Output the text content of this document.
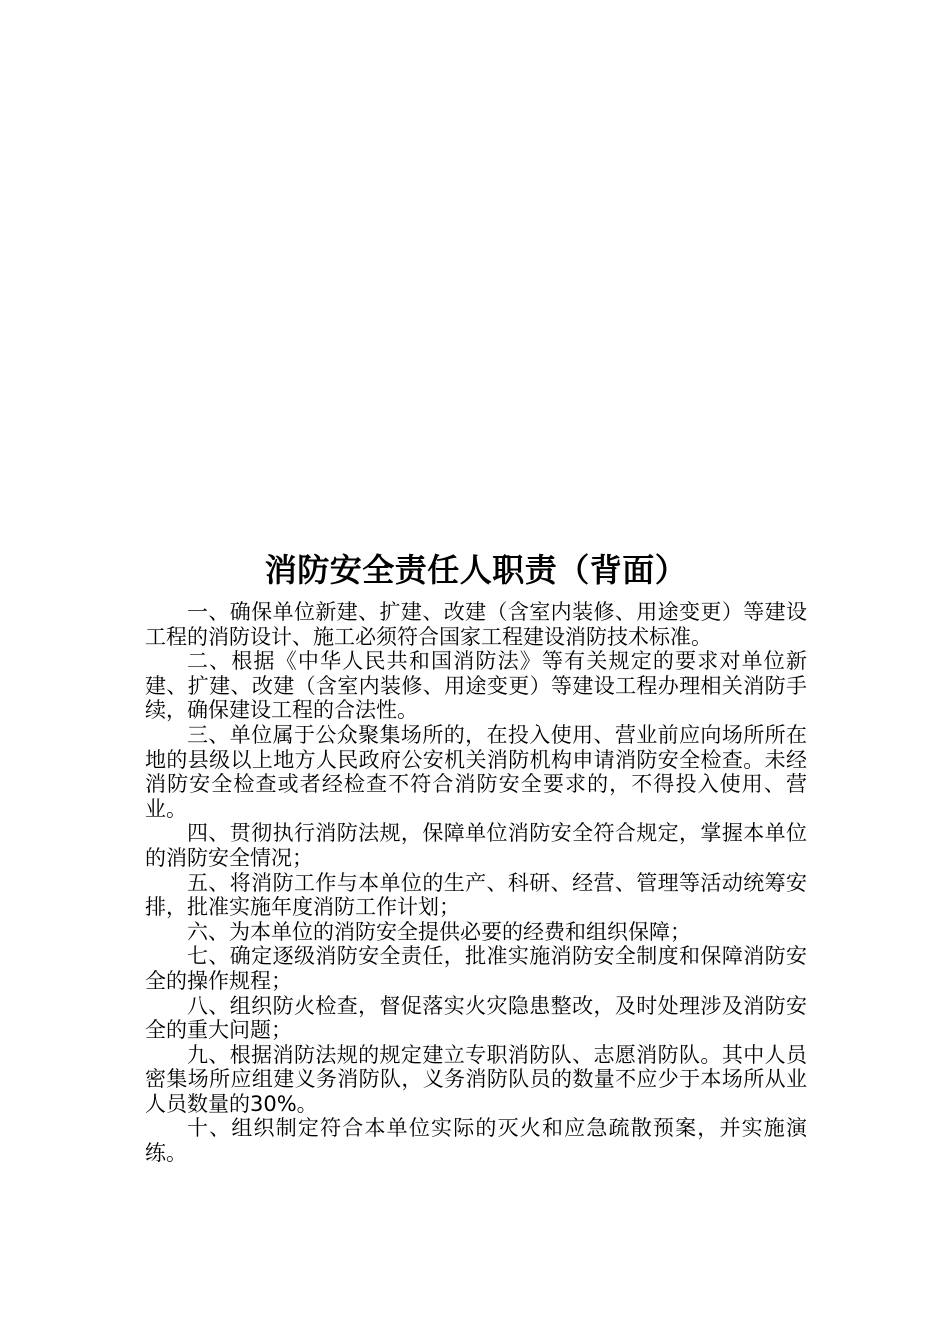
消防安全责任人职责（背面）

一、确保单位新建、扩建、改建（含室内装修、用途变更）等建设工程的消防设计、施工必须符合国家工程建设消防技术标准。

二、根据《中华人民共和国消防法》等有关规定的要求对单位新建、扩建、改建（含室内装修、用途变更）等建设工程办理相关消防手续，确保建设工程的合法性。

三、单位属于公众聚集场所的，在投入使用、营业前应向场所所在地的县级以上地方人民政府公安机关消防机构申请消防安全检查。未经消防安全检查或者经检查不符合消防安全要求的，不得投入使用、营业。

四、贯彻执行消防法规，保障单位消防安全符合规定，掌握本单位的消防安全情况；

五、将消防工作与本单位的生产、科研、经营、管理等活动统筹安排，批准实施年度消防工作计划；

六、为本单位的消防安全提供必要的经费和组织保障；

七、确定逐级消防安全责任，批准实施消防安全制度和保障消防安全的操作规程；

八、组织防火检查，督促落实火灾隐患整改，及时处理涉及消防安全的重大问题；

九、根据消防法规的规定建立专职消防队、志愿消防队。其中人员密集场所应组建义务消防队，义务消防队员的数量不应少于本场所从业人员数量的30%。

十、组织制定符合本单位实际的灭火和应急疏散预案，并实施演练。
